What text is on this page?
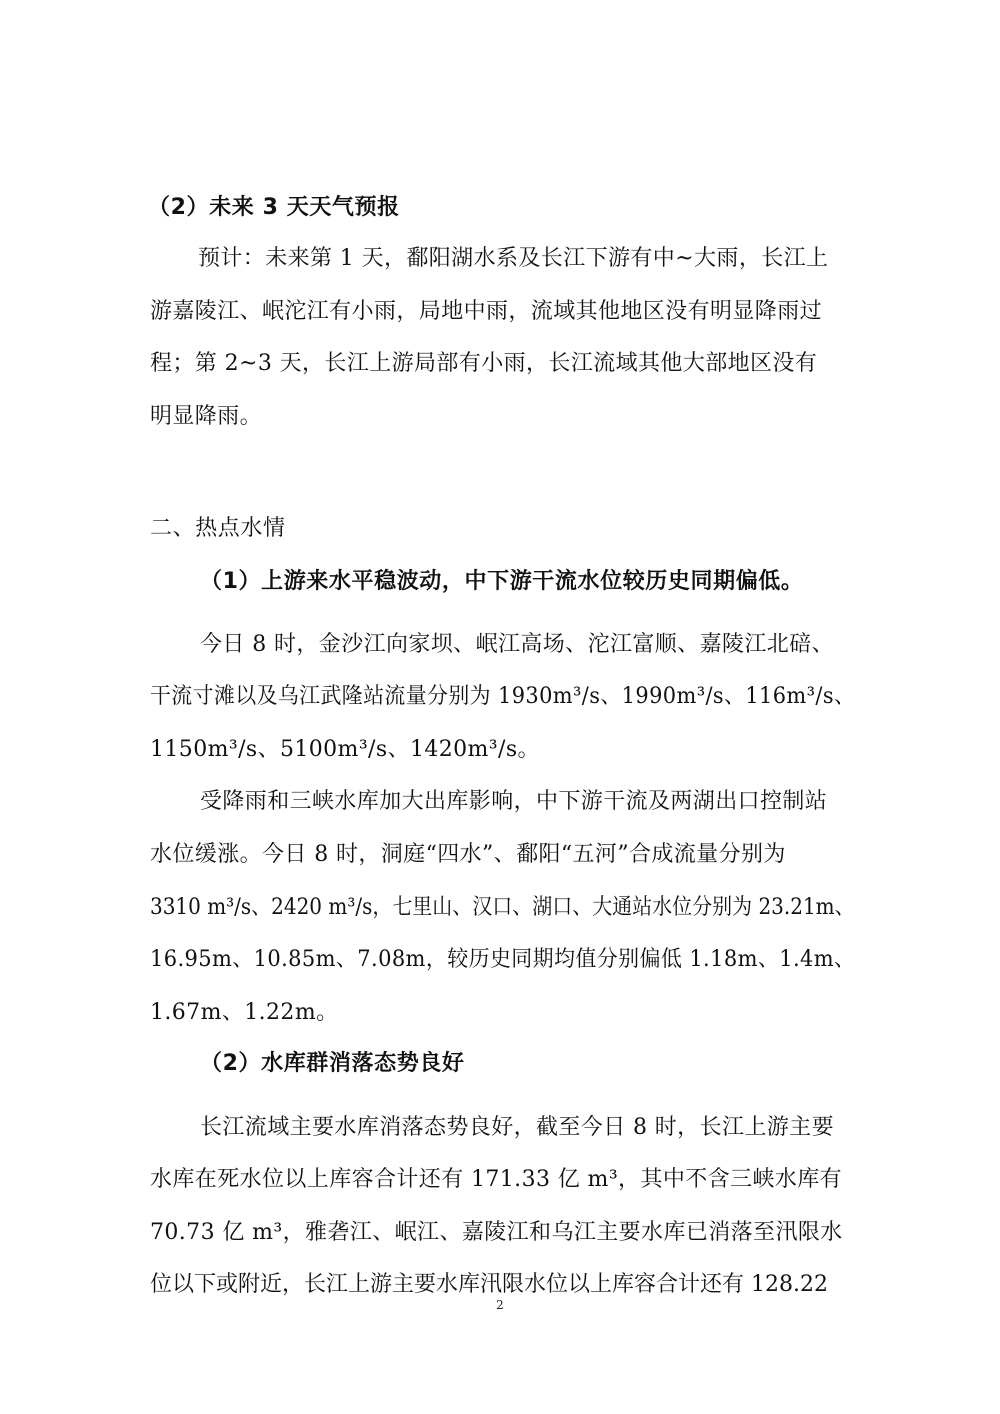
（2）未来 3 天天气预报
预计：未来第 1 天，鄱阳湖水系及长江下游有中~大雨，长江上
游嘉陵江、岷沱江有小雨，局地中雨，流域其他地区没有明显降雨过
程；第 2~3 天，长江上游局部有小雨，长江流域其他大部地区没有
明显降雨。
二、热点水情
（1）上游来水平稳波动，中下游干流水位较历史同期偏低。
今日 8 时，金沙江向家坝、岷江高场、沱江富顺、嘉陵江北碚、
干流寸滩以及乌江武隆站流量分别为 1930m³/s、1990m³/s、116m³/s、
1150m³/s、5100m³/s、1420m³/s。
受降雨和三峡水库加大出库影响，中下游干流及两湖出口控制站
水位缓涨。今日 8 时，洞庭“四水”、鄱阳“五河”合成流量分别为
3310 m³/s、2420 m³/s，七里山、汉口、湖口、大通站水位分别为 23.21m、
16.95m、10.85m、7.08m，较历史同期均值分别偏低 1.18m、1.4m、
1.67m、1.22m。
（2）水库群消落态势良好
长江流域主要水库消落态势良好，截至今日 8 时，长江上游主要
水库在死水位以上库容合计还有 171.33 亿 m³，其中不含三峡水库有
70.73 亿 m³，雅砻江、岷江、嘉陵江和乌江主要水库已消落至汛限水
位以下或附近，长江上游主要水库汛限水位以上库容合计还有 128.22
2
